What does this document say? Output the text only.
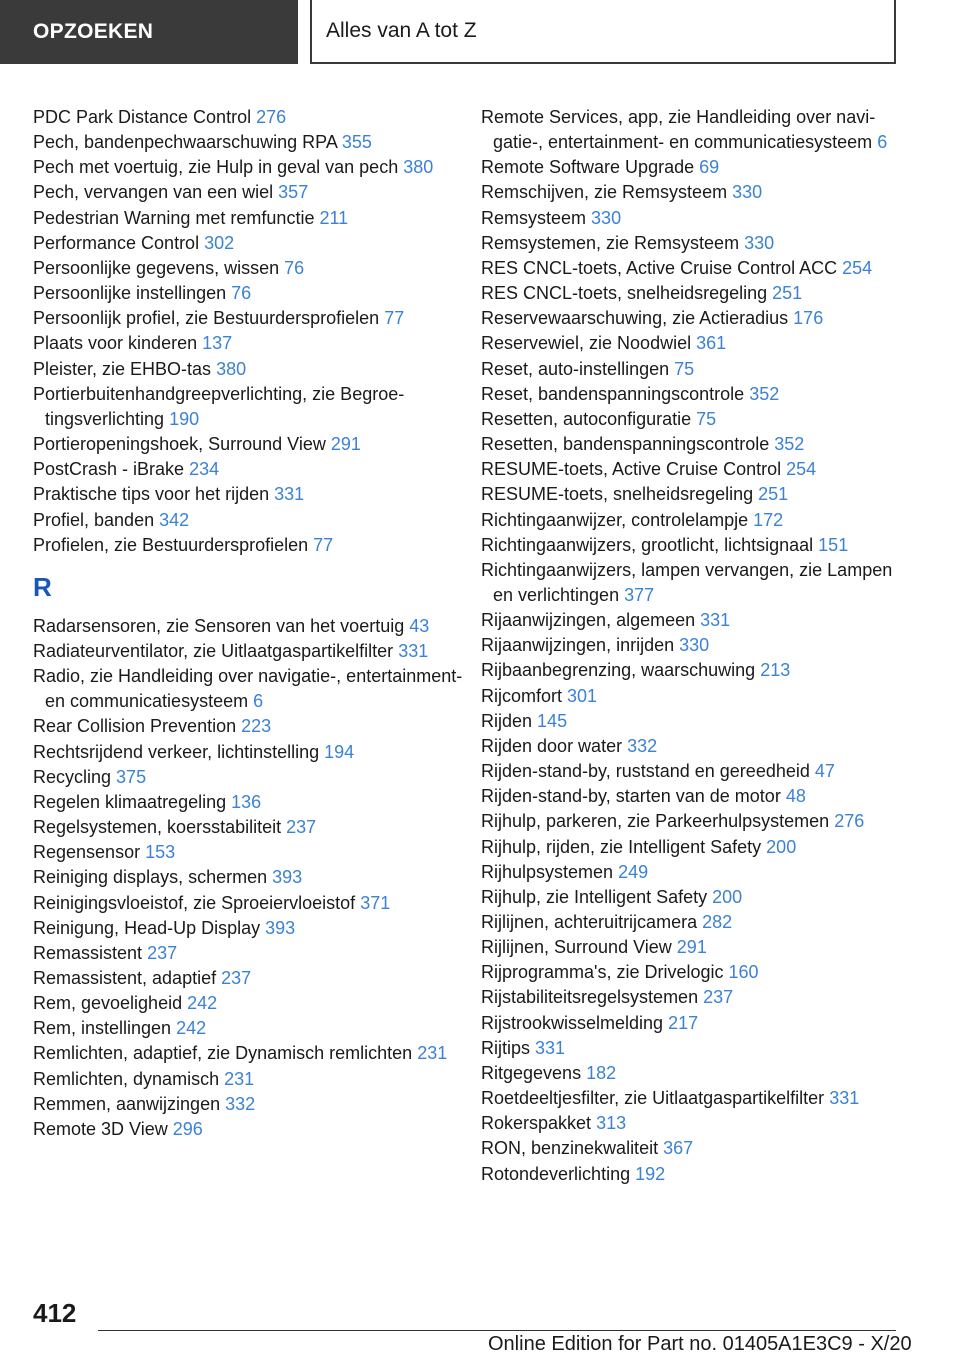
OPZOEKEN	Alles van A tot Z
PDC Park Distance Control 276
Pech, bandenpechwaarschuwing RPA 355
Pech met voertuig, zie Hulp in geval van pech 380
Pech, vervangen van een wiel 357
Pedestrian Warning met remfunctie 211
Performance Control 302
Persoonlijke gegevens, wissen 76
Persoonlijke instellingen 76
Persoonlijk profiel, zie Bestuurdersprofielen 77
Plaats voor kinderen 137
Pleister, zie EHBO-tas 380
Portierbuitenhandgreepverlichting, zie Begroetingsverlichting 190
Portieropeningshoek, Surround View 291
PostCrash - iBrake 234
Praktische tips voor het rijden 331
Profiel, banden 342
Profielen, zie Bestuurdersprofielen 77
R
Radarsensoren, zie Sensoren van het voertuig 43
Radiateurventilator, zie Uitlaatgaspartikelfilter 331
Radio, zie Handleiding over navigatie-, entertainment- en communicatiesysteem 6
Rear Collision Prevention 223
Rechtsrijdend verkeer, lichtinstelling 194
Recycling 375
Regelen klimaatregeling 136
Regelsystemen, koersstabiliteit 237
Regensensor 153
Reiniging displays, schermen 393
Reinigingsvloeistof, zie Sproeiervloeistof 371
Reinigung, Head-Up Display 393
Remassistent 237
Remassistent, adaptief 237
Rem, gevoeligheid 242
Rem, instellingen 242
Remlichten, adaptief, zie Dynamisch remlichten 231
Remlichten, dynamisch 231
Remmen, aanwijzingen 332
Remote 3D View 296
Remote Services, app, zie Handleiding over navigatie-, entertainment- en communicatiesysteem 6
Remote Software Upgrade 69
Remschijven, zie Remsysteem 330
Remsysteem 330
Remsystemen, zie Remsysteem 330
RES CNCL-toets, Active Cruise Control ACC 254
RES CNCL-toets, snelheidsregeling 251
Reservewaarschuwing, zie Actieradius 176
Reservewiel, zie Noodwiel 361
Reset, auto-instellingen 75
Reset, bandenspanningscontrole 352
Resetten, autoconfiguratie 75
Resetten, bandenspanningscontrole 352
RESUME-toets, Active Cruise Control 254
RESUME-toets, snelheidsregeling 251
Richtingaanwijzer, controlelampje 172
Richtingaanwijzers, grootlicht, lichtsignaal 151
Richtingaanwijzers, lampen vervangen, zie Lampen en verlichtingen 377
Rijaanwijzingen, algemeen 331
Rijaanwijzingen, inrijden 330
Rijbaanbegrenzing, waarschuwing 213
Rijcomfort 301
Rijden 145
Rijden door water 332
Rijden-stand-by, ruststand en gereedheid 47
Rijden-stand-by, starten van de motor 48
Rijhulp, parkeren, zie Parkeerhulpsystemen 276
Rijhulp, rijden, zie Intelligent Safety 200
Rijhulpsystemen 249
Rijhulp, zie Intelligent Safety 200
Rijlijnen, achteruitrijcamera 282
Rijlijnen, Surround View 291
Rijprogramma's, zie Drivelogic 160
Rijstabiliteitsregelsystemen 237
Rijstrookwisselmelding 217
Rijtips 331
Ritgegevens 182
Roetdeeltjesfilter, zie Uitlaatgaspartikelfilter 331
Rokerspakket 313
RON, benzinekwaliteit 367
Rotondeverlichting 192
412
Online Edition for Part no. 01405A1E3C9 - X/20
